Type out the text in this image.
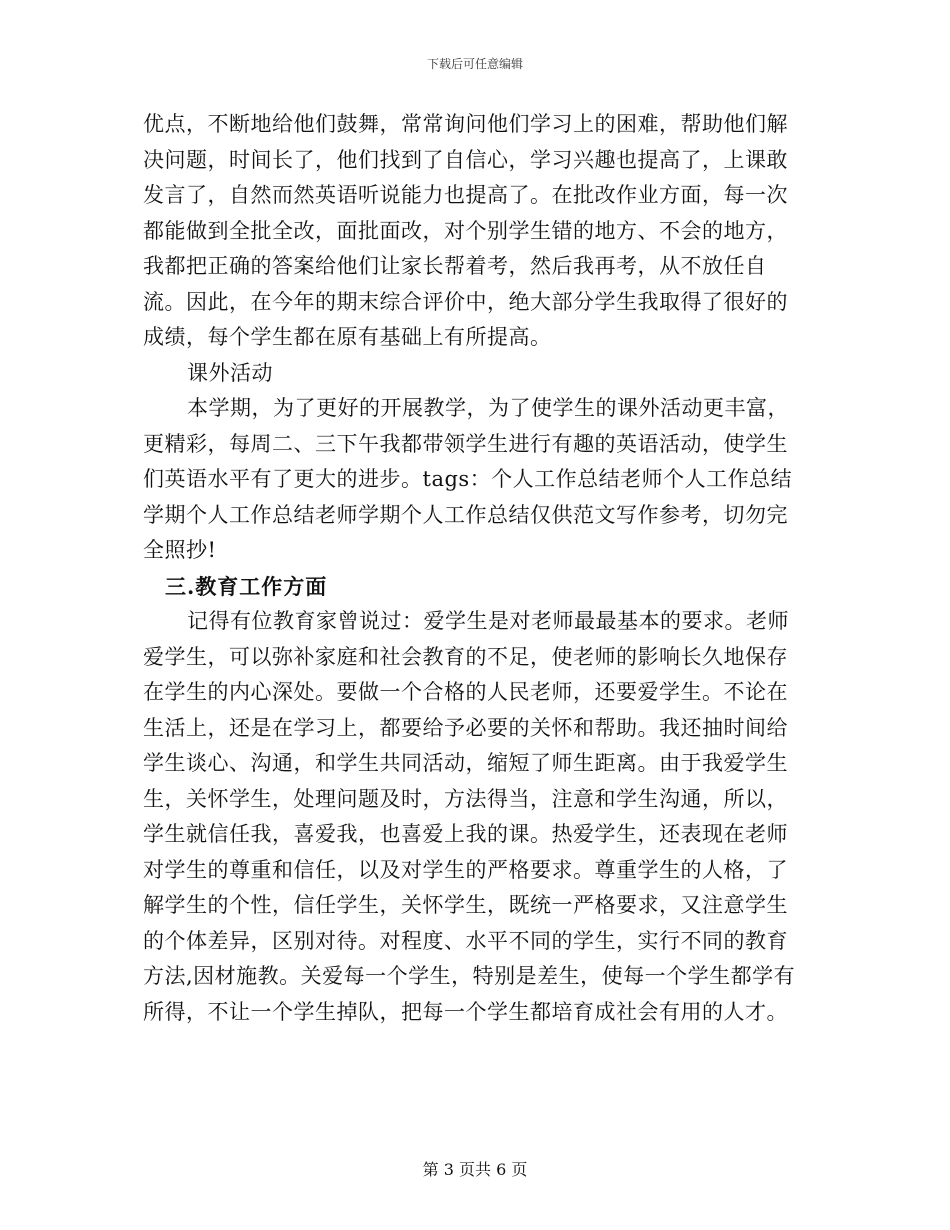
下载后可任意编辑

优点，不断地给他们鼓舞，常常询问他们学习上的困难，帮助他们解决问题，时间长了，他们找到了自信心，学习兴趣也提高了，上课敢发言了，自然而然英语听说能力也提高了。在批改作业方面，每一次都能做到全批全改，面批面改，对个别学生错的地方、不会的地方，我都把正确的答案给他们让家长帮着考，然后我再考，从不放任自流。因此，在今年的期末综合评价中，绝大部分学生我取得了很好的成绩，每个学生都在原有基础上有所提高。

课外活动

本学期，为了更好的开展教学，为了使学生的课外活动更丰富，更精彩，每周二、三下午我都带领学生进行有趣的英语活动，使学生们英语水平有了更大的进步。tags：个人工作总结老师个人工作总结学期个人工作总结老师学期个人工作总结仅供范文写作参考，切勿完全照抄!

三.教育工作方面

记得有位教育家曾说过：爱学生是对老师最最基本的要求。老师爱学生，可以弥补家庭和社会教育的不足，使老师的影响长久地保存在学生的内心深处。要做一个合格的人民老师，还要爱学生。不论在生活上，还是在学习上，都要给予必要的关怀和帮助。我还抽时间给学生谈心、沟通，和学生共同活动，缩短了师生距离。由于我爱学生生，关怀学生，处理问题及时，方法得当，注意和学生沟通，所以，学生就信任我，喜爱我，也喜爱上我的课。热爱学生，还表现在老师对学生的尊重和信任，以及对学生的严格要求。尊重学生的人格，了解学生的个性，信任学生，关怀学生，既统一严格要求，又注意学生的个体差异，区别对待。对程度、水平不同的学生，实行不同的教育方法,因材施教。关爱每一个学生，特别是差生，使每一个学生都学有所得，不让一个学生掉队，把每一个学生都培育成社会有用的人才。

第 3 页共 6 页
